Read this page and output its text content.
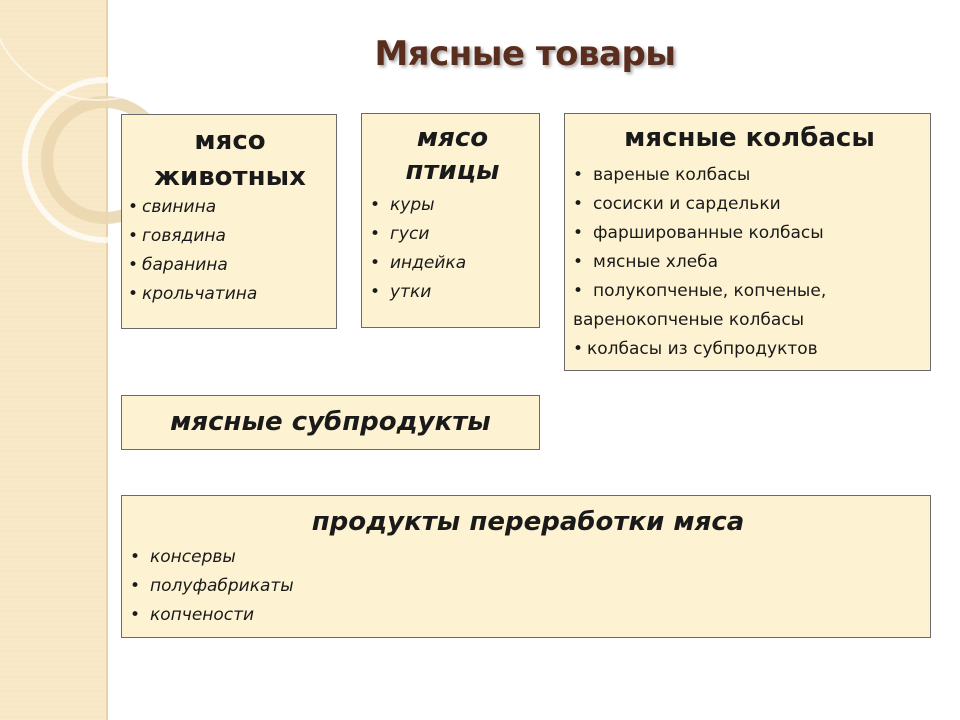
Мясные товары
мясо
животных
• свинина
• говядина
• баранина
• крольчатина
мясо
птицы
• куры
• гуси
• индейка
• утки
мясные колбасы
• вареные колбасы
• сосиски и сардельки
• фаршированные колбасы
• мясные хлеба
• полукопченые, копченые,
варенокопченые колбасы
• колбасы из субпродуктов
мясные субпродукты
продукты переработки мяса
• консервы
• полуфабрикаты
• копчености
